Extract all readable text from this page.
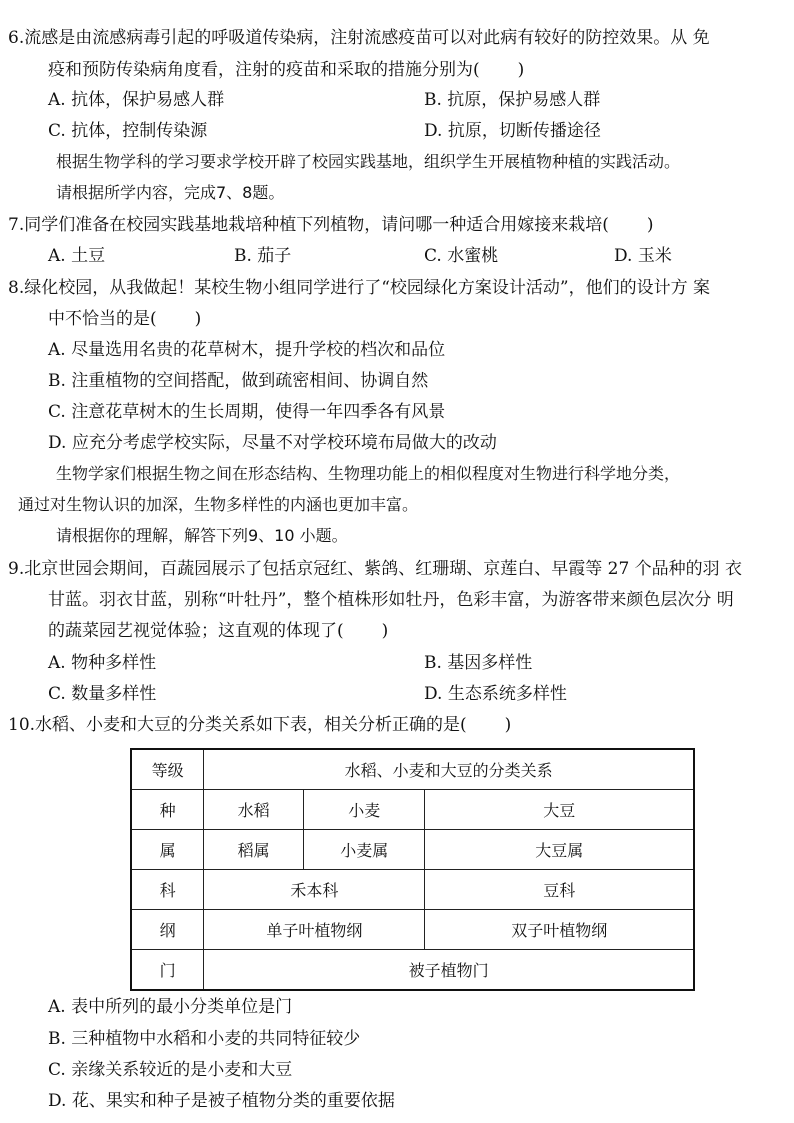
6.流感是由流感病毒引起的呼吸道传染病，注射流感疫苗可以对此病有较好的防控效果。从 免
疫和预防传染病角度看，注射的疫苗和采取的措施分别为( )
A. 抗体，保护易感人群	B. 抗原，保护易感人群
C. 抗体，控制传染源	D. 抗原，切断传播途径
根据生物学科的学习要求学校开辟了校园实践基地，组织学生开展植物种植的实践活动。
请根据所学内容，完成7、8题。
7.同学们准备在校园实践基地栽培种植下列植物，请问哪一种适合用嫁接来栽培( )
A. 土豆	B. 茄子	C. 水蜜桃	D. 玉米
8.绿化校园，从我做起！某校生物小组同学进行了“校园绿化方案设计活动”，他们的设计方 案
中不恰当的是( )
A. 尽量选用名贵的花草树木，提升学校的档次和品位
B. 注重植物的空间搭配，做到疏密相间、协调自然
C. 注意花草树木的生长周期，使得一年四季各有风景
D. 应充分考虑学校实际，尽量不对学校环境布局做大的改动
生物学家们根据生物之间在形态结构、生物理功能上的相似程度对生物进行科学地分类，
通过对生物认识的加深，生物多样性的内涵也更加丰富。
请根据你的理解，解答下列9、10 小题。
9.北京世园会期间，百蔬园展示了包括京冠红、紫鸽、红珊瑚、京莲白、早霞等 27 个品种的羽 衣
甘蓝。羽衣甘蓝，别称“叶牡丹”，整个植株形如牡丹，色彩丰富，为游客带来颜色层次分 明
的蔬菜园艺视觉体验；这直观的体现了( )
A. 物种多样性	B. 基因多样性
C. 数量多样性	D. 生态系统多样性
10.水稻、小麦和大豆的分类关系如下表，相关分析正确的是( )
等级	水稻、小麦和大豆的分类关系		
种	水稻	小麦	大豆
属	稻属	小麦属	大豆属
科	禾本科		豆科
纲	单子叶植物纲		双子叶植物纲
门	被子植物门		
A. 表中所列的最小分类单位是门
B. 三种植物中水稻和小麦的共同特征较少
C. 亲缘关系较近的是小麦和大豆
D. 花、果实和种子是被子植物分类的重要依据
